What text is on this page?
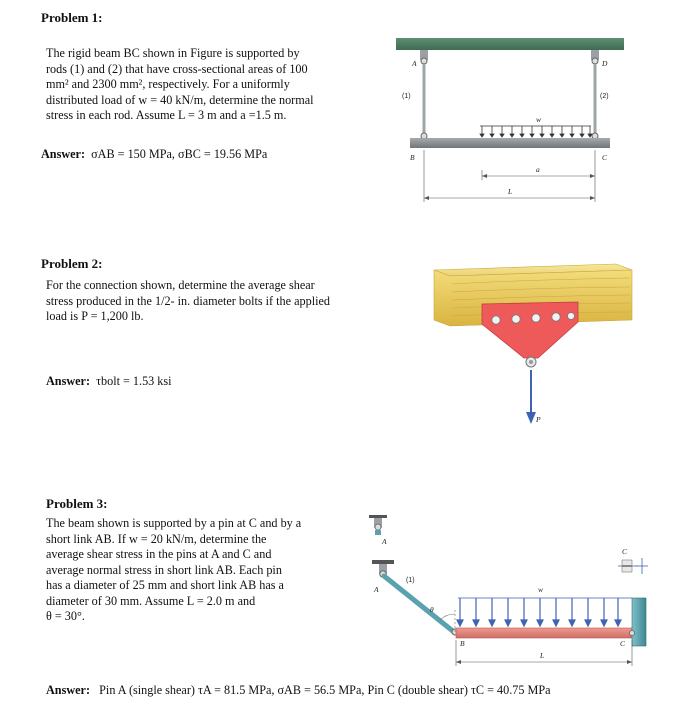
Problem 1:
The rigid beam BC shown in Figure is supported by
rods (1) and (2) that have cross-sectional areas of 100
mm² and 2300 mm², respectively. For a uniformly
distributed load of w = 40 kN/m, determine the normal
stress in each rod. Assume L = 3 m and a =1.5 m.
Answer: σAB = 150 MPa, σBC = 19.56 MPa
A	D
(1)	(2)
B	C
w
a
L
Problem 2:
For the connection shown, determine the average shear
stress produced in the 1/2- in. diameter bolts if the applied
load is P = 1,200 lb.
Answer: τbolt = 1.53 ksi
P
Problem 3:
The beam shown is supported by a pin at C and by a
short link AB. If w = 20 kN/m, determine the
average shear stress in the pins at A and C and
average normal stress in short link AB. Each pin
has a diameter of 25 mm and short link AB has a
diameter of 30 mm. Assume L = 2.0 m and
θ = 30°.
Answer: Pin A (single shear) τA = 81.5 MPa, σAB = 56.5 MPa, Pin C (double shear) τC = 40.75 MPa
A
A
(1)
θ
w
C
B	C
L
